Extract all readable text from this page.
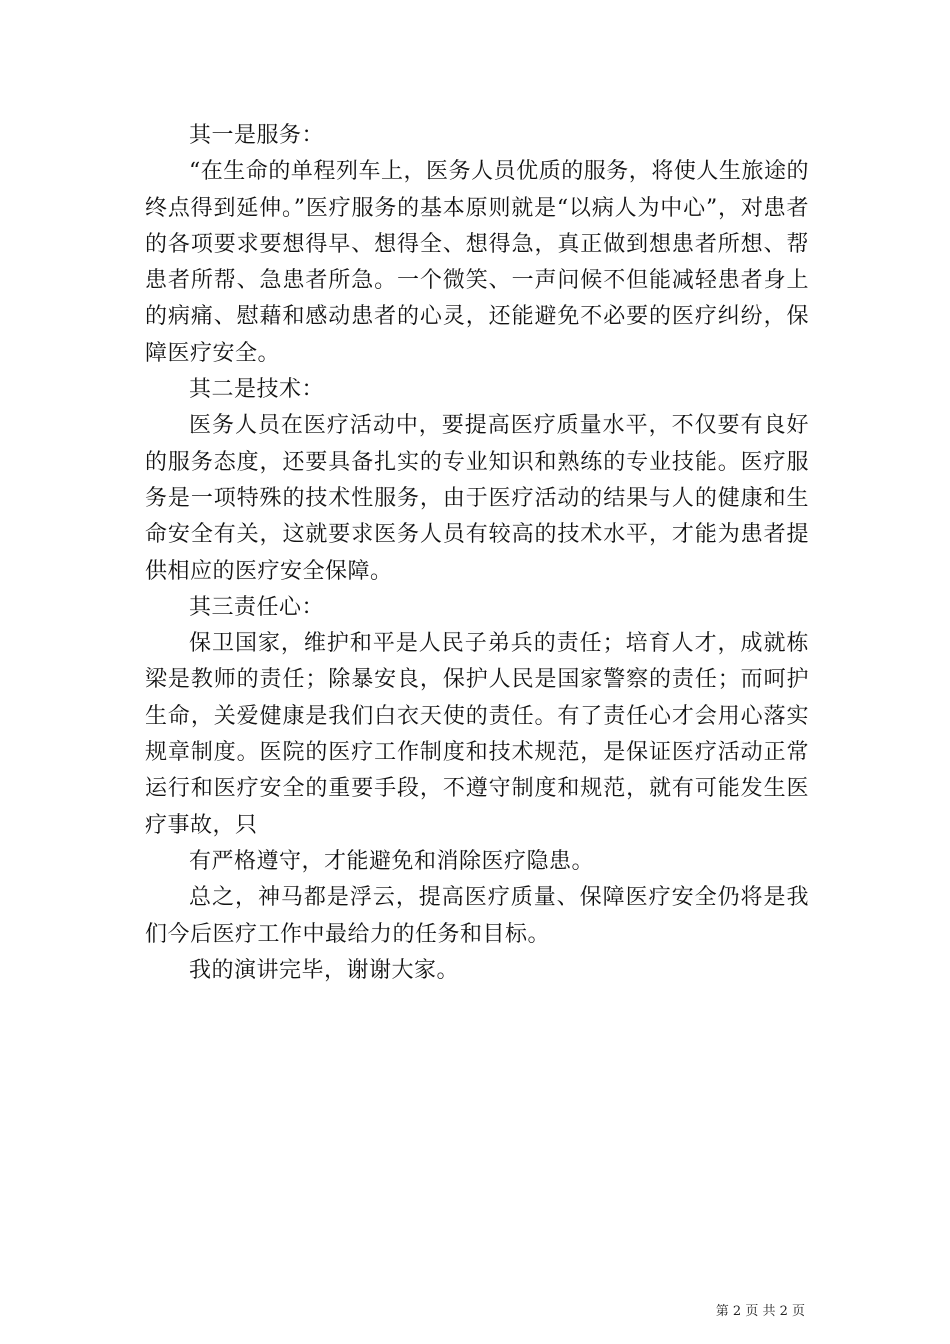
其一是服务：

“在生命的单程列车上，医务人员优质的服务，将使人生旅途的终点得到延伸。”医疗服务的基本原则就是“以病人为中心”，对患者的各项要求要想得早、想得全、想得急，真正做到想患者所想、帮患者所帮、急患者所急。一个微笑、一声问候不但能减轻患者身上的病痛、慰藉和感动患者的心灵，还能避免不必要的医疗纠纷，保障医疗安全。

其二是技术：

医务人员在医疗活动中，要提高医疗质量水平，不仅要有良好的服务态度，还要具备扎实的专业知识和熟练的专业技能。医疗服务是一项特殊的技术性服务，由于医疗活动的结果与人的健康和生命安全有关，这就要求医务人员有较高的技术水平，才能为患者提供相应的医疗安全保障。

其三责任心：

保卫国家，维护和平是人民子弟兵的责任；培育人才，成就栋梁是教师的责任；除暴安良，保护人民是国家警察的责任；而呵护生命，关爱健康是我们白衣天使的责任。有了责任心才会用心落实规章制度。医院的医疗工作制度和技术规范，是保证医疗活动正常运行和医疗安全的重要手段，不遵守制度和规范，就有可能发生医疗事故，只

有严格遵守，才能避免和消除医疗隐患。

总之，神马都是浮云，提高医疗质量、保障医疗安全仍将是我们今后医疗工作中最给力的任务和目标。

我的演讲完毕，谢谢大家。

第 2 页 共 2 页
